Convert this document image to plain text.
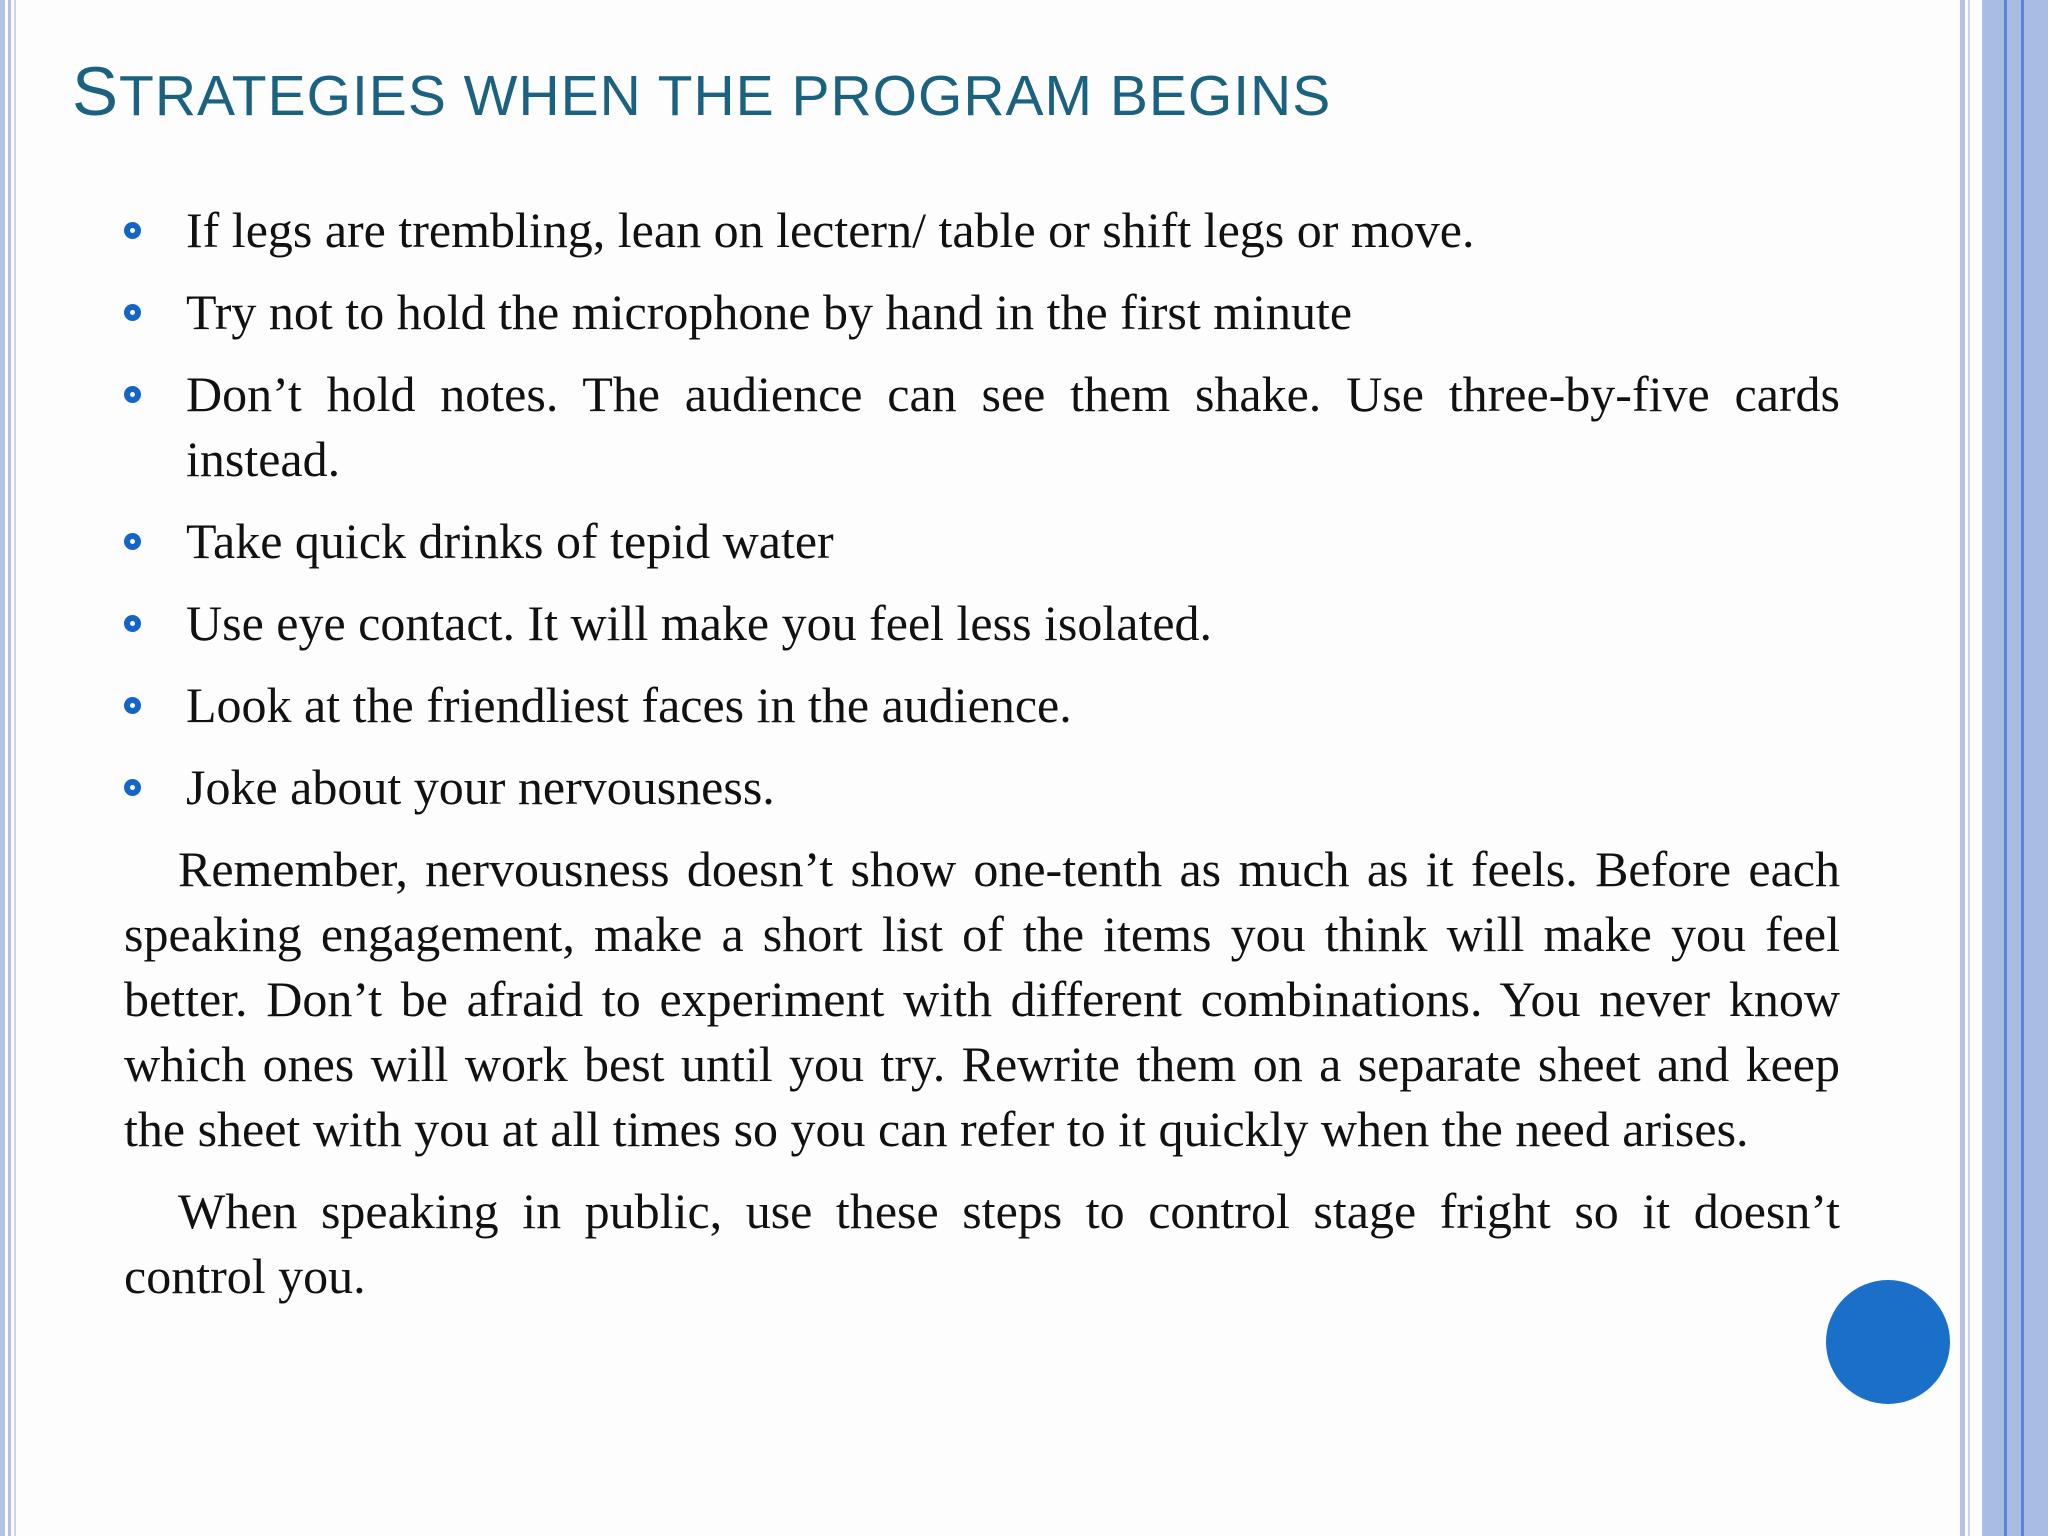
STRATEGIES WHEN THE PROGRAM BEGINS
If legs are trembling, lean on lectern/ table or shift legs or move.
Try not to hold the microphone by hand in the first minute
Don’t hold notes. The audience can see them shake. Use three-by-five cards instead.
Take quick drinks of tepid water
Use eye contact. It will make you feel less isolated.
Look at the friendliest faces in the audience.
Joke about your nervousness.

Remember, nervousness doesn’t show one-tenth as much as it feels. Before each speaking engagement, make a short list of the items you think will make you feel better. Don’t be afraid to experiment with different combinations. You never know which ones will work best until you try. Rewrite them on a separate sheet and keep the sheet with you at all times so you can refer to it quickly when the need arises.

When speaking in public, use these steps to control stage fright so it doesn’t control you.
